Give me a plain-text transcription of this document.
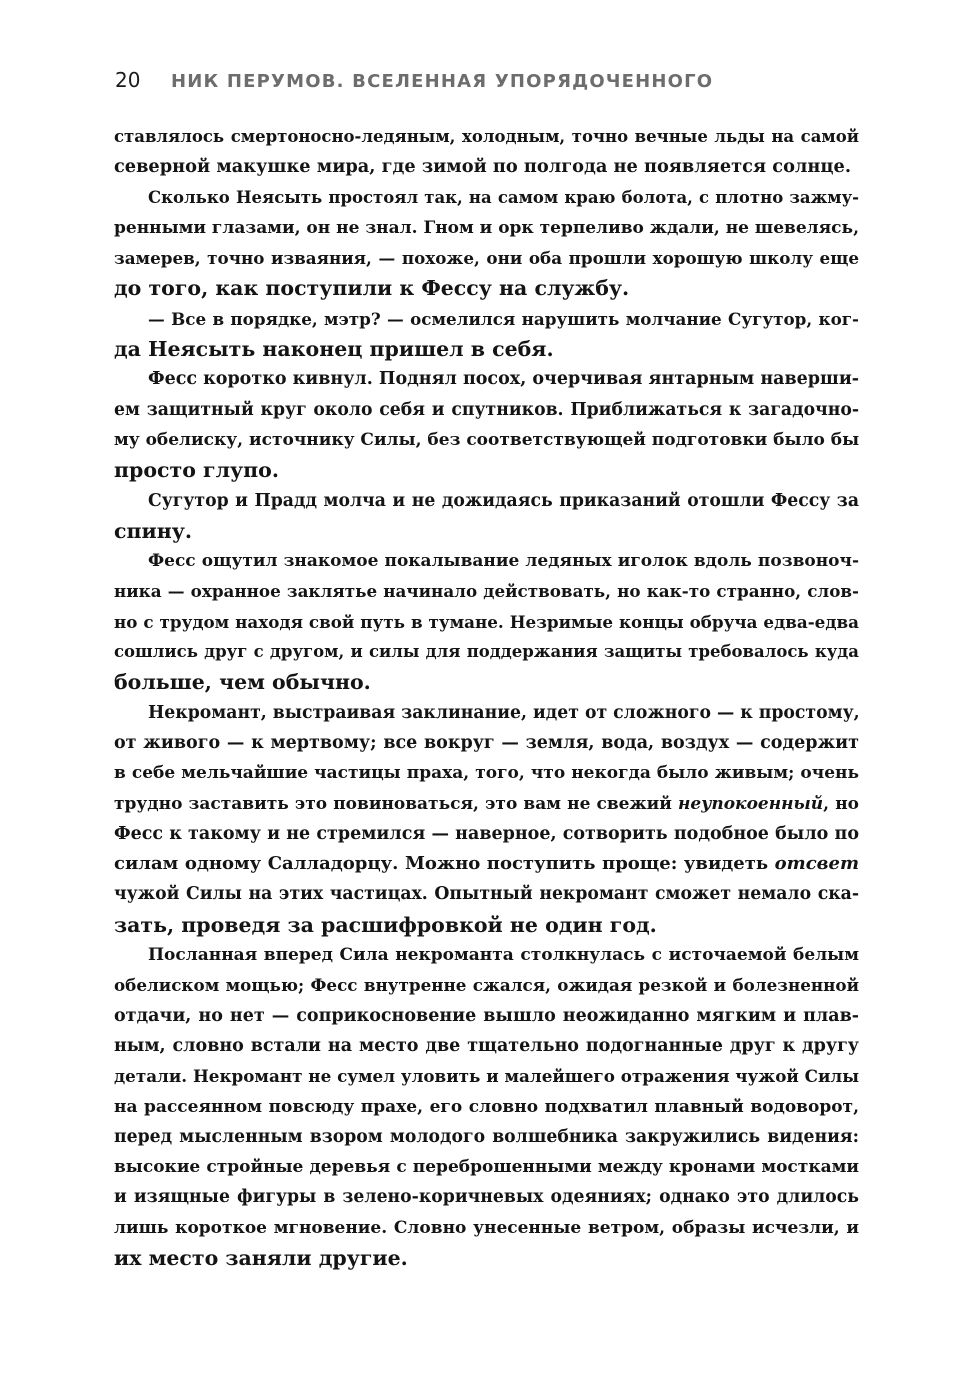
20	НИК ПЕРУМОВ. ВСЕЛЕННАЯ УПОРЯДОЧЕННОГО
ставлялось смертоносно-ледяным, холодным, точно вечные льды на самой
северной макушке мира, где зимой по полгода не появляется солнце.
Сколько Неясыть простоял так, на самом краю болота, с плотно зажму-
ренными глазами, он не знал. Гном и орк терпеливо ждали, не шевелясь,
замерев, точно изваяния, — похоже, они оба прошли хорошую школу еще
до того, как поступили к Фессу на службу.
— Все в порядке, мэтр? — осмелился нарушить молчание Сугутор, ког-
да Неясыть наконец пришел в себя.
Фесс коротко кивнул. Поднял посох, очерчивая янтарным наверши-
ем защитный круг около себя и спутников. Приближаться к загадочно-
му обелиску, источнику Силы, без соответствующей подготовки было бы
просто глупо.
Сугутор и Прадд молча и не дожидаясь приказаний отошли Фессу за
спину.
Фесс ощутил знакомое покалывание ледяных иголок вдоль позвоноч-
ника — охранное заклятье начинало действовать, но как-то странно, слов-
но с трудом находя свой путь в тумане. Незримые концы обруча едва-едва
сошлись друг с другом, и силы для поддержания защиты требовалось куда
больше, чем обычно.
Некромант, выстраивая заклинание, идет от сложного — к простому,
от живого — к мертвому; все вокруг — земля, вода, воздух — содержит
в себе мельчайшие частицы праха, того, что некогда было живым; очень
трудно заставить это повиноваться, это вам не свежий неупокоенный, но
Фесс к такому и не стремился — наверное, сотворить подобное было по
силам одному Салладорцу. Можно поступить проще: увидеть отсвет
чужой Силы на этих частицах. Опытный некромант сможет немало ска-
зать, проведя за расшифровкой не один год.
Посланная вперед Сила некроманта столкнулась с источаемой белым
обелиском мощью; Фесс внутренне сжался, ожидая резкой и болезненной
отдачи, но нет — соприкосновение вышло неожиданно мягким и плав-
ным, словно встали на место две тщательно подогнанные друг к другу
детали. Некромант не сумел уловить и малейшего отражения чужой Силы
на рассеянном повсюду прахе, его словно подхватил плавный водоворот,
перед мысленным взором молодого волшебника закружились видения:
высокие стройные деревья с переброшенными между кронами мостками
и изящные фигуры в зелено-коричневых одеяниях; однако это длилось
лишь короткое мгновение. Словно унесенные ветром, образы исчезли, и
их место заняли другие.
